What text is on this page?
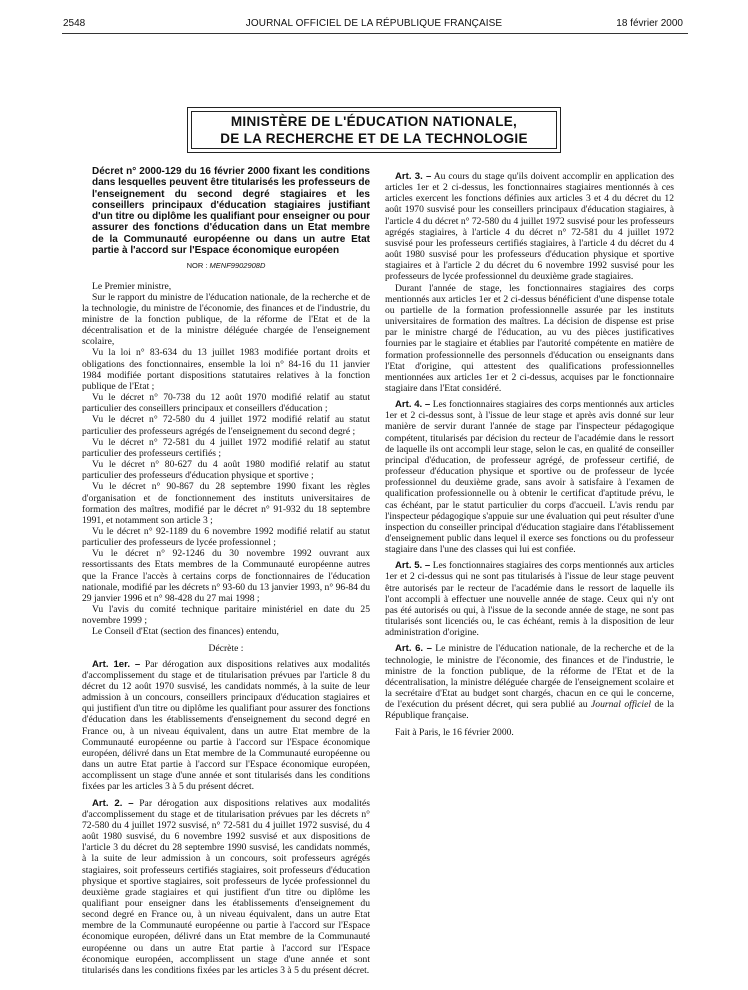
2548	JOURNAL OFFICIEL DE LA RÉPUBLIQUE FRANÇAISE	18 février 2000
MINISTÈRE DE L'ÉDUCATION NATIONALE,
DE LA RECHERCHE ET DE LA TECHNOLOGIE
Décret n° 2000-129 du 16 février 2000 fixant les conditions dans lesquelles peuvent être titularisés les professeurs de l'enseignement du second degré stagiaires et les conseillers principaux d'éducation stagiaires justifiant d'un titre ou diplôme les qualifiant pour enseigner ou pour assurer des fonctions d'éducation dans un Etat membre de la Communauté européenne ou dans un autre Etat partie à l'accord sur l'Espace économique européen
NOR : MENF9902908D

Le Premier ministre,

Sur le rapport du ministre de l'éducation nationale, de la recherche et de la technologie, du ministre de l'économie, des finances et de l'industrie, du ministre de la fonction publique, de la réforme de l'Etat et de la décentralisation et de la ministre déléguée chargée de l'enseignement scolaire,

Vu la loi n° 83-634 du 13 juillet 1983 modifiée portant droits et obligations des fonctionnaires, ensemble la loi n° 84-16 du 11 janvier 1984 modifiée portant dispositions statutaires relatives à la fonction publique de l'Etat ;

Vu le décret n° 70-738 du 12 août 1970 modifié relatif au statut particulier des conseillers principaux et conseillers d'éducation ;

Vu le décret n° 72-580 du 4 juillet 1972 modifié relatif au statut particulier des professeurs agrégés de l'enseignement du second degré ;

Vu le décret n° 72-581 du 4 juillet 1972 modifié relatif au statut particulier des professeurs certifiés ;

Vu le décret n° 80-627 du 4 août 1980 modifié relatif au statut particulier des professeurs d'éducation physique et sportive ;

Vu le décret n° 90-867 du 28 septembre 1990 fixant les règles d'organisation et de fonctionnement des instituts universitaires de formation des maîtres, modifié par le décret n° 91-932 du 18 septembre 1991, et notamment son article 3 ;

Vu le décret n° 92-1189 du 6 novembre 1992 modifié relatif au statut particulier des professeurs de lycée professionnel ;

Vu le décret n° 92-1246 du 30 novembre 1992 ouvrant aux ressortissants des Etats membres de la Communauté européenne autres que la France l'accès à certains corps de fonctionnaires de l'éducation nationale, modifié par les décrets n° 93-60 du 13 janvier 1993, n° 96-84 du 29 janvier 1996 et n° 98-428 du 27 mai 1998 ;

Vu l'avis du comité technique paritaire ministériel en date du 25 novembre 1999 ;

Le Conseil d'Etat (section des finances) entendu,

Décrète :

Art. 1er. – Par dérogation aux dispositions relatives aux modalités d'accomplissement du stage et de titularisation prévues par l'article 8 du décret du 12 août 1970 susvisé, les candidats nommés, à la suite de leur admission à un concours, conseillers principaux d'éducation stagiaires et qui justifient d'un titre ou diplôme les qualifiant pour assurer des fonctions d'éducation dans les établissements d'enseignement du second degré en France ou, à un niveau équivalent, dans un autre Etat membre de la Communauté européenne ou partie à l'accord sur l'Espace économique européen, délivré dans un Etat membre de la Communauté européenne ou dans un autre Etat partie à l'accord sur l'Espace économique européen, accomplissent un stage d'une année et sont titularisés dans les conditions fixées par les articles 3 à 5 du présent décret.

Art. 2. – Par dérogation aux dispositions relatives aux modalités d'accomplissement du stage et de titularisation prévues par les décrets n° 72-580 du 4 juillet 1972 susvisé, n° 72-581 du 4 juillet 1972 susvisé, du 4 août 1980 susvisé, du 6 novembre 1992 susvisé et aux dispositions de l'article 3 du décret du 28 septembre 1990 susvisé, les candidats nommés, à la suite de leur admission à un concours, soit professeurs agrégés stagiaires, soit professeurs certifiés stagiaires, soit professeurs d'éducation physique et sportive stagiaires, soit professeurs de lycée professionnel du deuxième grade stagiaires et qui justifient d'un titre ou diplôme les qualifiant pour enseigner dans les établissements d'enseignement du second degré en France ou, à un niveau équivalent, dans un autre Etat membre de la Communauté européenne ou partie à l'accord sur l'Espace économique européen, délivré dans un Etat membre de la Communauté européenne ou dans un autre Etat partie à l'accord sur l'Espace économique européen, accomplissent un stage d'une année et sont titularisés dans les conditions fixées par les articles 3 à 5 du présent décret.

Art. 3. – Au cours du stage qu'ils doivent accomplir en application des articles 1er et 2 ci-dessus, les fonctionnaires stagiaires mentionnés à ces articles exercent les fonctions définies aux articles 3 et 4 du décret du 12 août 1970 susvisé pour les conseillers principaux d'éducation stagiaires, à l'article 4 du décret n° 72-580 du 4 juillet 1972 susvisé pour les professeurs agrégés stagiaires, à l'article 4 du décret n° 72-581 du 4 juillet 1972 susvisé pour les professeurs certifiés stagiaires, à l'article 4 du décret du 4 août 1980 susvisé pour les professeurs d'éducation physique et sportive stagiaires et à l'article 2 du décret du 6 novembre 1992 susvisé pour les professeurs de lycée professionnel du deuxième grade stagiaires.

Durant l'année de stage, les fonctionnaires stagiaires des corps mentionnés aux articles 1er et 2 ci-dessus bénéficient d'une dispense totale ou partielle de la formation professionnelle assurée par les instituts universitaires de formation des maîtres. La décision de dispense est prise par le ministre chargé de l'éducation, au vu des pièces justificatives fournies par le stagiaire et établies par l'autorité compétente en matière de formation professionnelle des personnels d'éducation ou enseignants dans l'Etat d'origine, qui attestent des qualifications professionnelles mentionnées aux articles 1er et 2 ci-dessus, acquises par le fonctionnaire stagiaire dans l'Etat considéré.

Art. 4. – Les fonctionnaires stagiaires des corps mentionnés aux articles 1er et 2 ci-dessus sont, à l'issue de leur stage et après avis donné sur leur manière de servir durant l'année de stage par l'inspecteur pédagogique compétent, titularisés par décision du recteur de l'académie dans le ressort de laquelle ils ont accompli leur stage, selon le cas, en qualité de conseiller principal d'éducation, de professeur agrégé, de professeur certifié, de professeur d'éducation physique et sportive ou de professeur de lycée professionnel du deuxième grade, sans avoir à satisfaire à l'examen de qualification professionnelle ou à obtenir le certificat d'aptitude prévu, le cas échéant, par le statut particulier du corps d'accueil. L'avis rendu par l'inspecteur pédagogique s'appuie sur une évaluation qui peut résulter d'une inspection du conseiller principal d'éducation stagiaire dans l'établissement d'enseignement public dans lequel il exerce ses fonctions ou du professeur stagiaire dans l'une des classes qui lui est confiée.

Art. 5. – Les fonctionnaires stagiaires des corps mentionnés aux articles 1er et 2 ci-dessus qui ne sont pas titularisés à l'issue de leur stage peuvent être autorisés par le recteur de l'académie dans le ressort de laquelle ils l'ont accompli à effectuer une nouvelle année de stage. Ceux qui n'y ont pas été autorisés ou qui, à l'issue de la seconde année de stage, ne sont pas titularisés sont licenciés ou, le cas échéant, remis à la disposition de leur administration d'origine.

Art. 6. – Le ministre de l'éducation nationale, de la recherche et de la technologie, le ministre de l'économie, des finances et de l'industrie, le ministre de la fonction publique, de la réforme de l'Etat et de la décentralisation, la ministre déléguée chargée de l'enseignement scolaire et la secrétaire d'Etat au budget sont chargés, chacun en ce qui le concerne, de l'exécution du présent décret, qui sera publié au Journal officiel de la République française.

Fait à Paris, le 16 février 2000.
